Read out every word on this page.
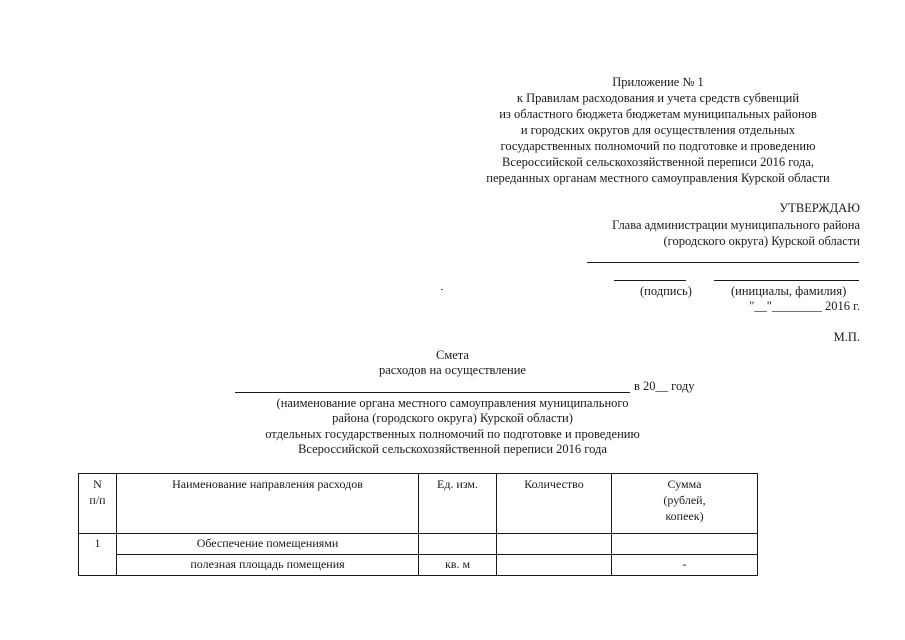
Приложение № 1
к Правилам расходования и учета средств субвенций
из областного бюджета бюджетам муниципальных районов
и городских округов для осуществления отдельных
государственных полномочий по подготовке и проведению
Всероссийской сельскохозяйственной переписи 2016 года,
переданных органам местного самоуправления Курской области
УТВЕРЖДАЮ
Глава администрации муниципального района
(городского округа) Курской области
(подпись)	(инициалы, фамилия)
"__"________ 2016 г.
М.П.
Смета
расходов на осуществление
в 20__ году
(наименование органа местного самоуправления муниципального
района (городского округа) Курской области)
отдельных государственных полномочий по подготовке и проведению
Всероссийской сельскохозяйственной переписи 2016 года
N п/п	Наименование направления расходов	Ед. изм.	Количество	Сумма (рублей, копеек)
1	Обеспечение помещениями			
	полезная площадь помещения	кв. м		-
